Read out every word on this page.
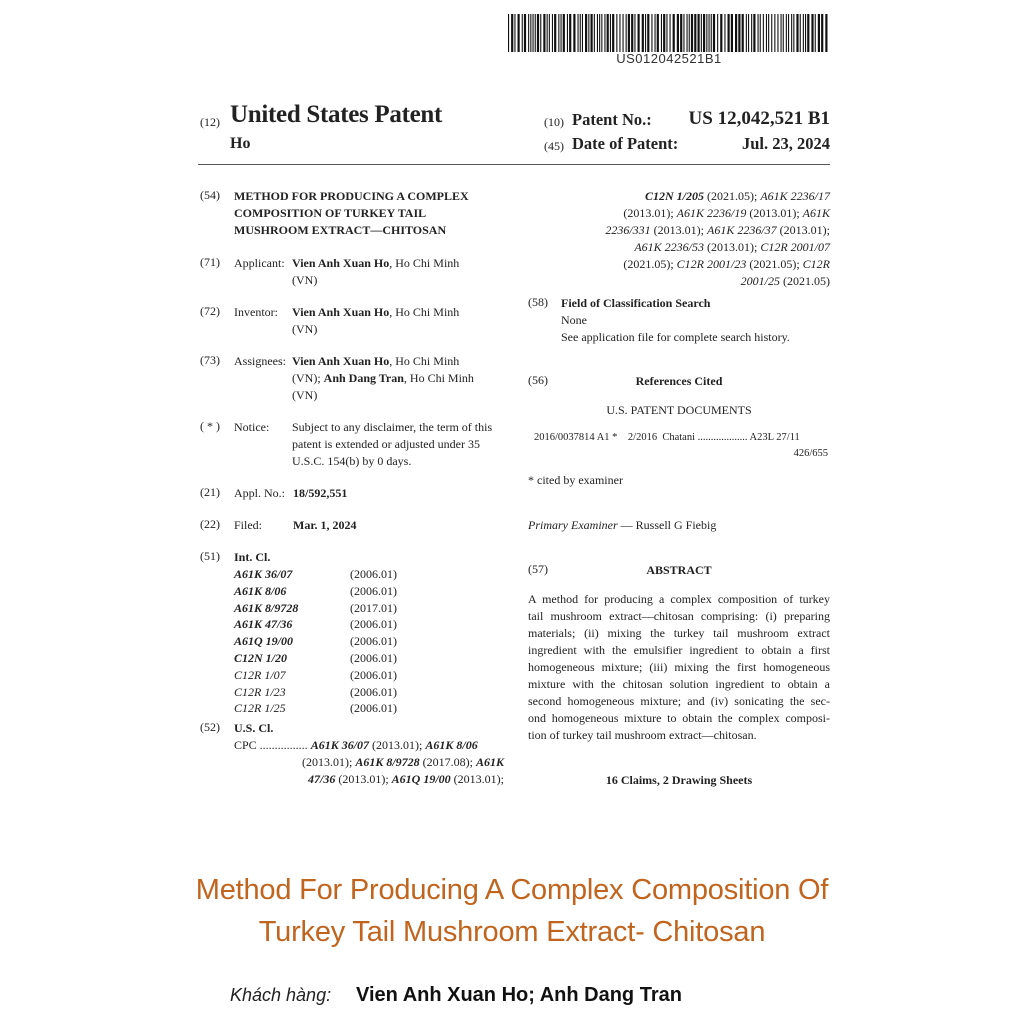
US012042521B1
(12) United States Patent
Ho
(10) Patent No.: US 12,042,521 B1
(45) Date of Patent:	Jul. 23, 2024
(54) METHOD FOR PRODUCING A COMPLEX
COMPOSITION OF TURKEY TAIL
MUSHROOM EXTRACT—CHITOSAN
(71) Applicant: Vien Anh Xuan Ho, Ho Chi Minh
(VN)
(72) Inventor: Vien Anh Xuan Ho, Ho Chi Minh
(VN)
(73) Assignees: Vien Anh Xuan Ho, Ho Chi Minh
(VN); Anh Dang Tran, Ho Chi Minh
(VN)
( * ) Notice: Subject to any disclaimer, the term of this
patent is extended or adjusted under 35
U.S.C. 154(b) by 0 days.
(21) Appl. No.: 18/592,551
(22) Filed:	Mar. 1, 2024
(51) Int. Cl.
A61K 36/07	(2006.01)
A61K 8/06	(2006.01)
A61K 8/9728	(2017.01)
A61K 47/36	(2006.01)
A61Q 19/00	(2006.01)
C12N 1/20	(2006.01)
C12R 1/07	(2006.01)
C12R 1/23	(2006.01)
C12R 1/25	(2006.01)
(52) U.S. Cl.
CPC ................ A61K 36/07 (2013.01); A61K 8/06
(2013.01); A61K 8/9728 (2017.08); A61K
47/36 (2013.01); A61Q 19/00 (2013.01);
C12N 1/205 (2021.05); A61K 2236/17
(2013.01); A61K 2236/19 (2013.01); A61K
2236/331 (2013.01); A61K 2236/37 (2013.01);
A61K 2236/53 (2013.01); C12R 2001/07
(2021.05); C12R 2001/23 (2021.05); C12R
2001/25 (2021.05)
(58) Field of Classification Search
None
See application file for complete search history.
(56)	References Cited
U.S. PATENT DOCUMENTS
2016/0037814 A1 *    2/2016  Chatani ................... A23L 27/11
426/655
* cited by examiner
Primary Examiner — Russell G Fiebig
(57)	ABSTRACT
A method for producing a complex composition of turkey
tail mushroom extract—chitosan comprising: (i) preparing
materials; (ii) mixing the turkey tail mushroom extract
ingredient with the emulsifier ingredient to obtain a first
homogeneous mixture; (iii) mixing the first homogeneous
mixture with the chitosan solution ingredient to obtain a
second homogeneous mixture; and (iv) sonicating the sec-
ond homogeneous mixture to obtain the complex composi-
tion of turkey tail mushroom extract—chitosan.
16 Claims, 2 Drawing Sheets
Method For Producing A Complex Composition Of
Turkey Tail Mushroom Extract- Chitosan
Khách hàng: Vien Anh Xuan Ho; Anh Dang Tran
